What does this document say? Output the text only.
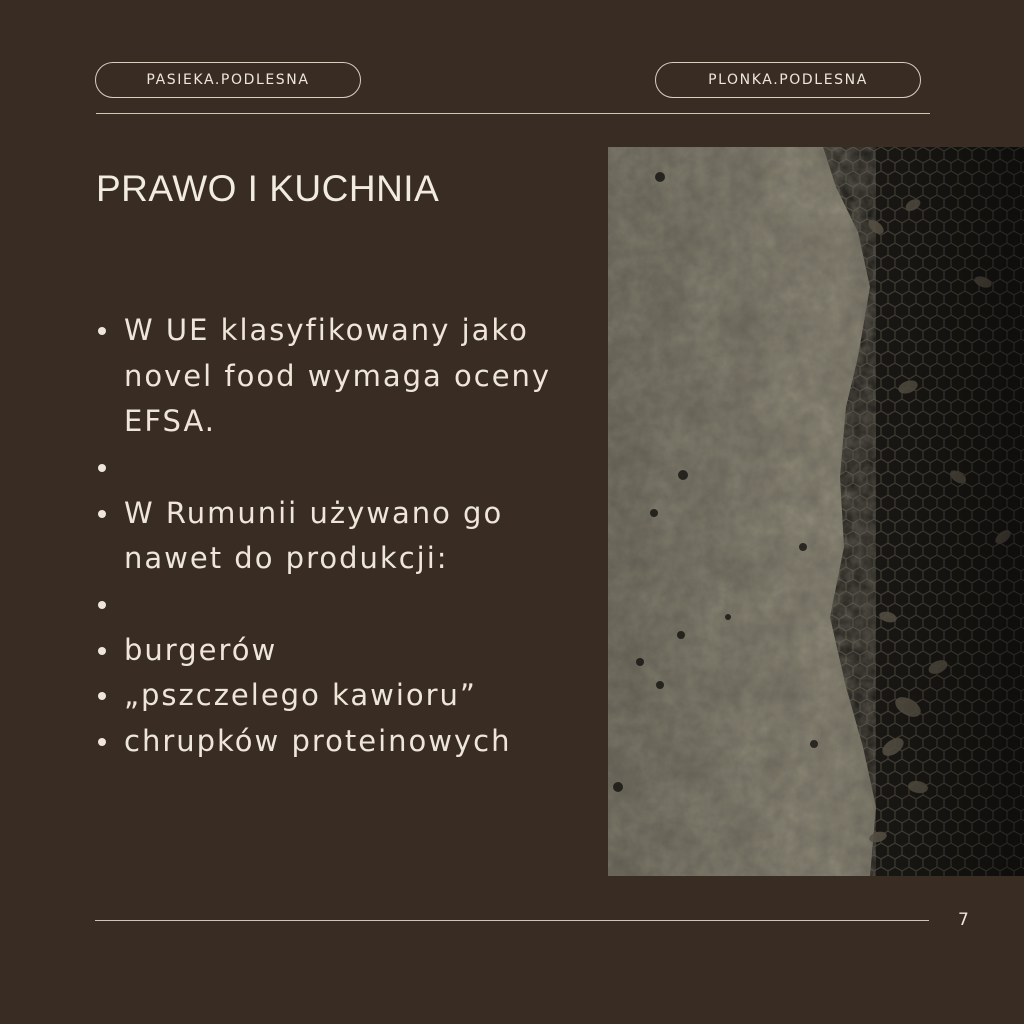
PASIEKA.PODLESNA	PLONKA.PODLESNA
PRAWO I KUCHNIA
W UE klasyfikowany jako novel food wymaga oceny EFSA.
W Rumunii używano go nawet do produkcji:
burgerów
„pszczelego kawioru”
chrupków proteinowych
7
